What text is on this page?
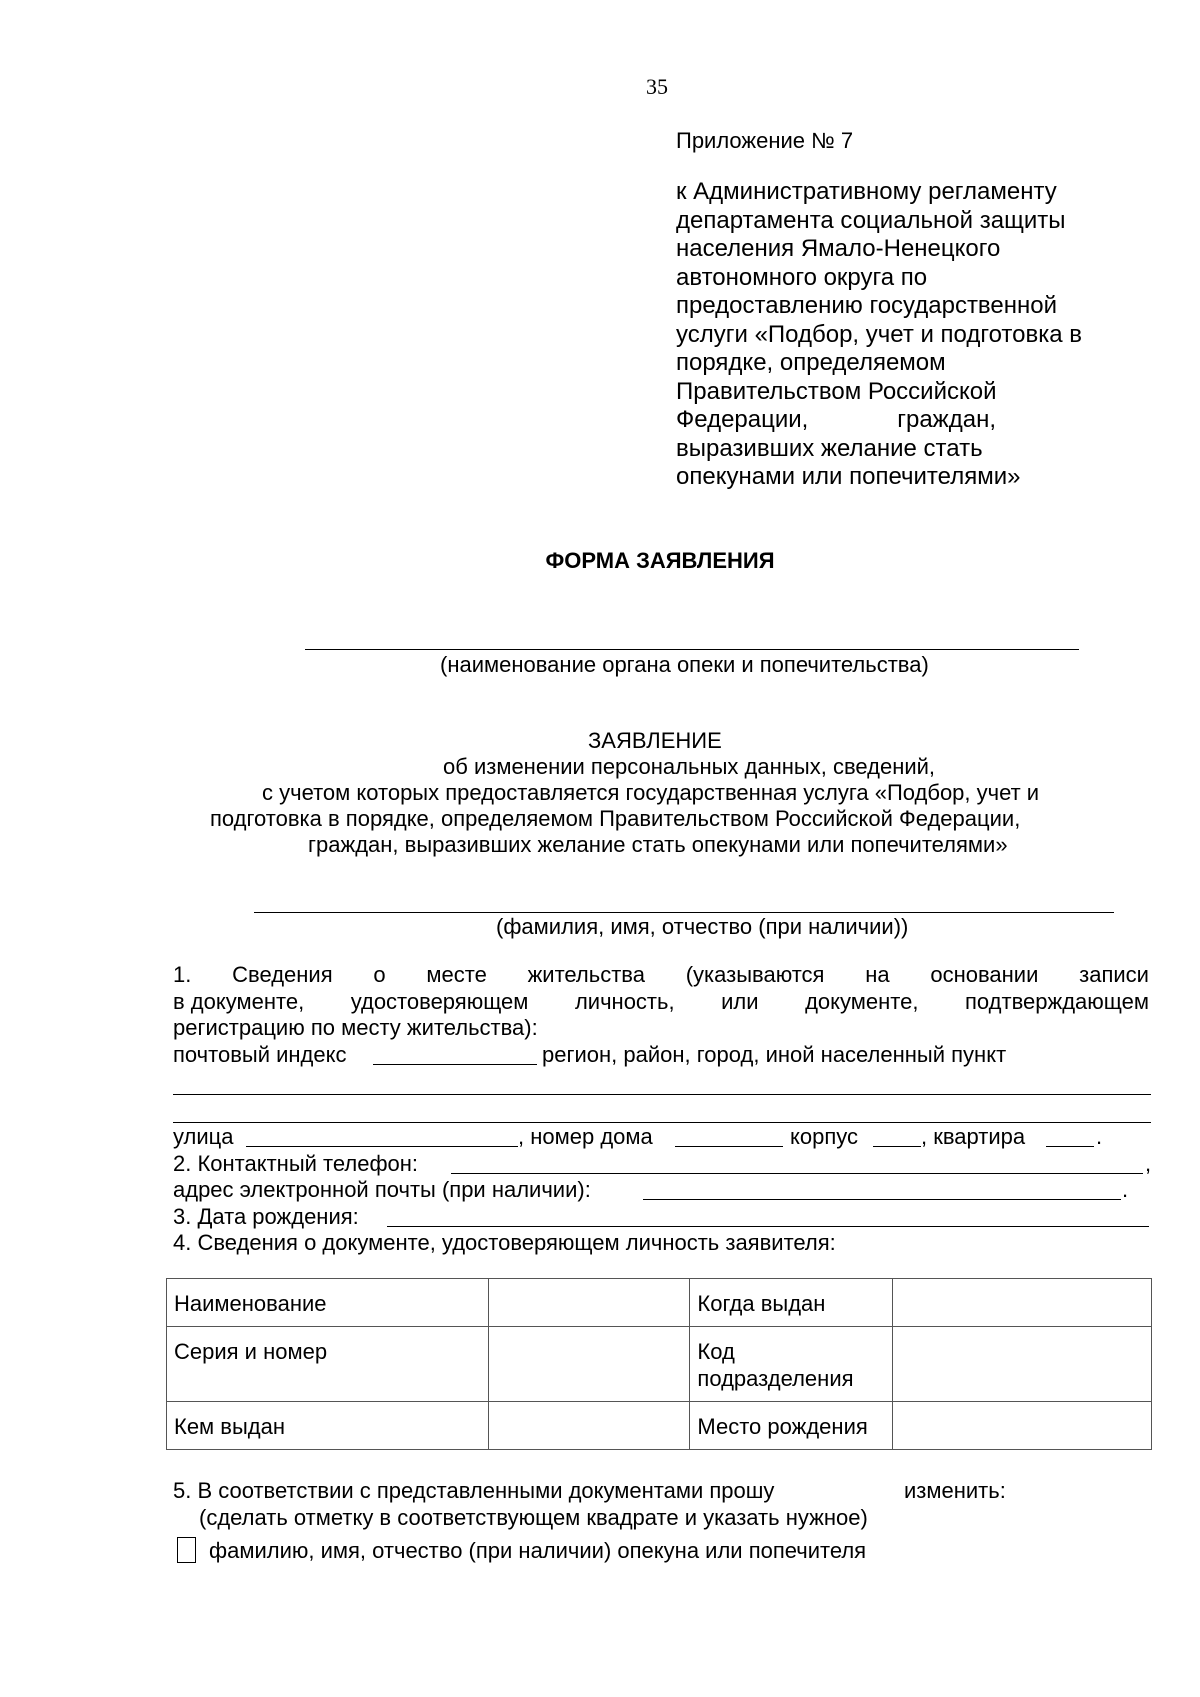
35
Приложение № 7
к Административному регламенту
департамента социальной защиты
населения Ямало-Ненецкого
автономного округа по
предоставлению государственной
услуги «Подбор, учет и подготовка в
порядке, определяемом
Правительством Российской
Федерации,	граждан,
выразивших желание стать
опекунами или попечителями»
ФОРМА ЗАЯВЛЕНИЯ
(наименование органа опеки и попечительства)
ЗАЯВЛЕНИЕ
об изменении персональных данных, сведений,
с учетом которых предоставляется государственная услуга «Подбор, учет и
подготовка в порядке, определяемом Правительством Российской Федерации,
граждан, выразивших желание стать опекунами или попечителями»
(фамилия, имя, отчество (при наличии))
1. Сведения о месте жительства (указываются на основании записи
в документе, удостоверяющем личность, или документе, подтверждающем
регистрацию по месту жительства):
почтовый индекс	регион, район, город, иной населенный пункт
улица	, номер дома	корпус	, квартира	.
2. Контактный телефон:	,
адрес электронной почты (при наличии):	.
3. Дата рождения:
4. Сведения о документе, удостоверяющем личность заявителя:
Наименование		Когда выдан	
Серия и номер		Код подразделения	
Кем выдан		Место рождения	
5. В соответствии с представленными документами прошу	изменить:
(сделать отметку в соответствующем квадрате и указать нужное)
фамилию, имя, отчество (при наличии) опекуна или попечителя
